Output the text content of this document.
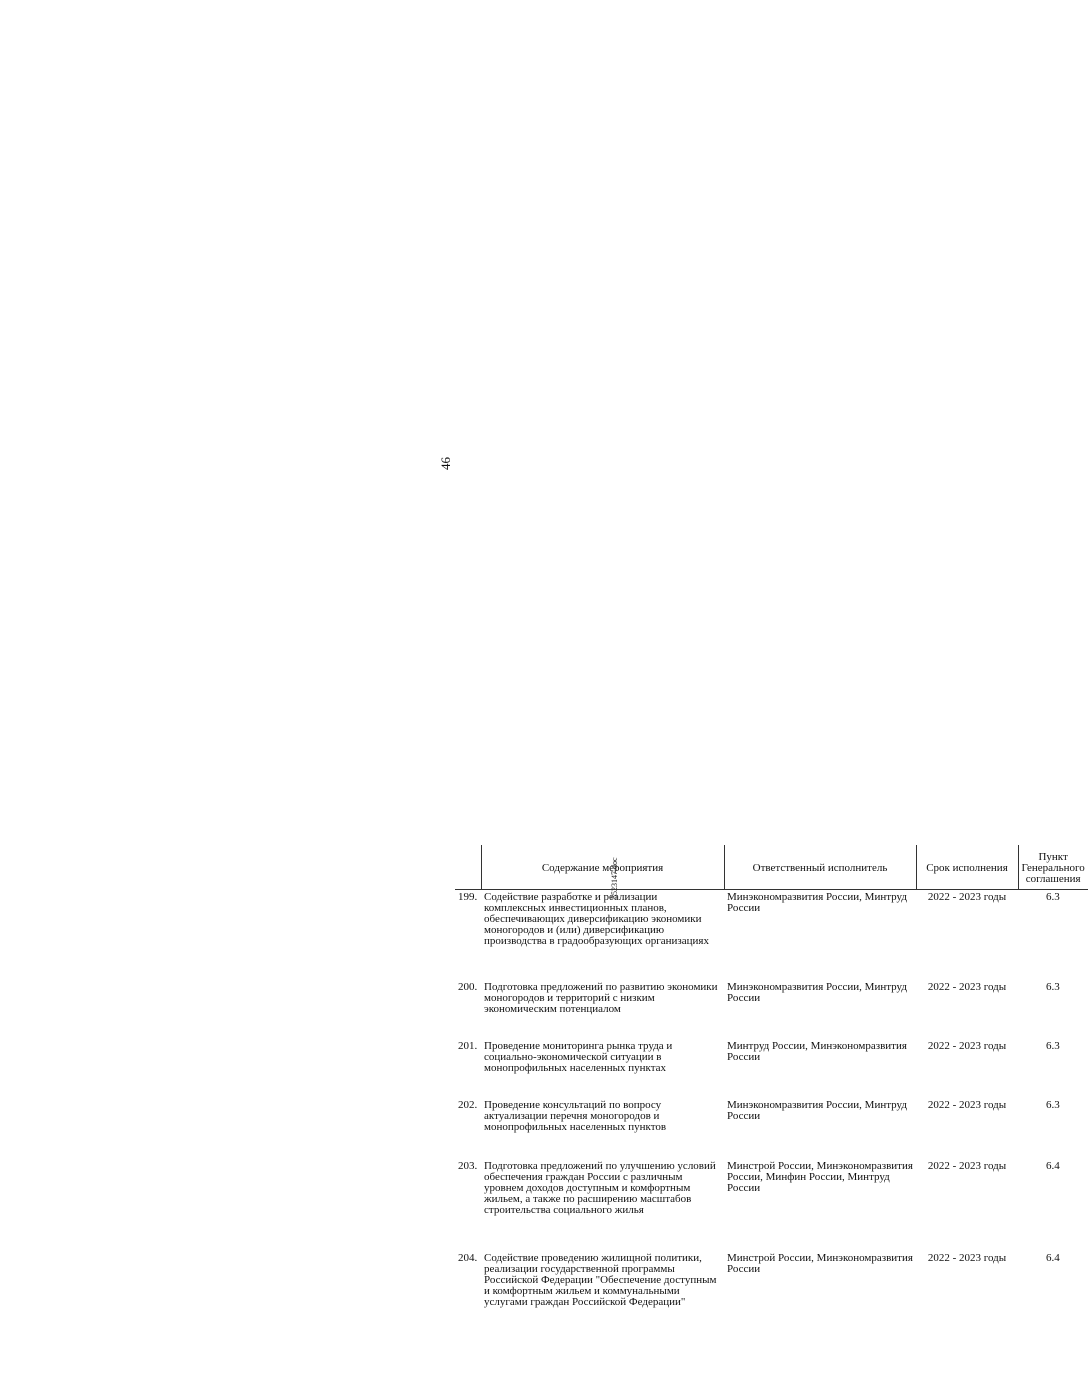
46
5523147.doc
	Содержание мероприятия	Ответственный исполнитель	Срок исполнения	Пункт Генерального соглашения
199.	Содействие разработке и реализации комплексных инвестиционных планов, обеспечивающих диверсификацию экономики моногородов и (или) диверсификацию производства в градообразующих организациях	Минэкономразвития России, Минтруд России	2022 - 2023 годы	6.3
200.	Подготовка предложений по развитию экономики моногородов и территорий с низким экономическим потенциалом	Минэкономразвития России, Минтруд России	2022 - 2023 годы	6.3
201.	Проведение мониторинга рынка труда и социально-экономической ситуации в монопрофильных населенных пунктах	Минтруд России, Минэкономразвития России	2022 - 2023 годы	6.3
202.	Проведение консультаций по вопросу актуализации перечня моногородов и монопрофильных населенных пунктов	Минэкономразвития России, Минтруд России	2022 - 2023 годы	6.3
203.	Подготовка предложений по улучшению условий обеспечения граждан России с различным уровнем доходов доступным и комфортным жильем, а также по расширению масштабов строительства социального жилья	Минстрой России, Минэкономразвития России, Минфин России, Минтруд России	2022 - 2023 годы	6.4
204.	Содействие проведению жилищной политики, реализации государственной программы Российской Федерации "Обеспечение доступным и комфортным жильем и коммунальными услугами граждан Российской Федерации"	Минстрой России, Минэкономразвития России	2022 - 2023 годы	6.4
